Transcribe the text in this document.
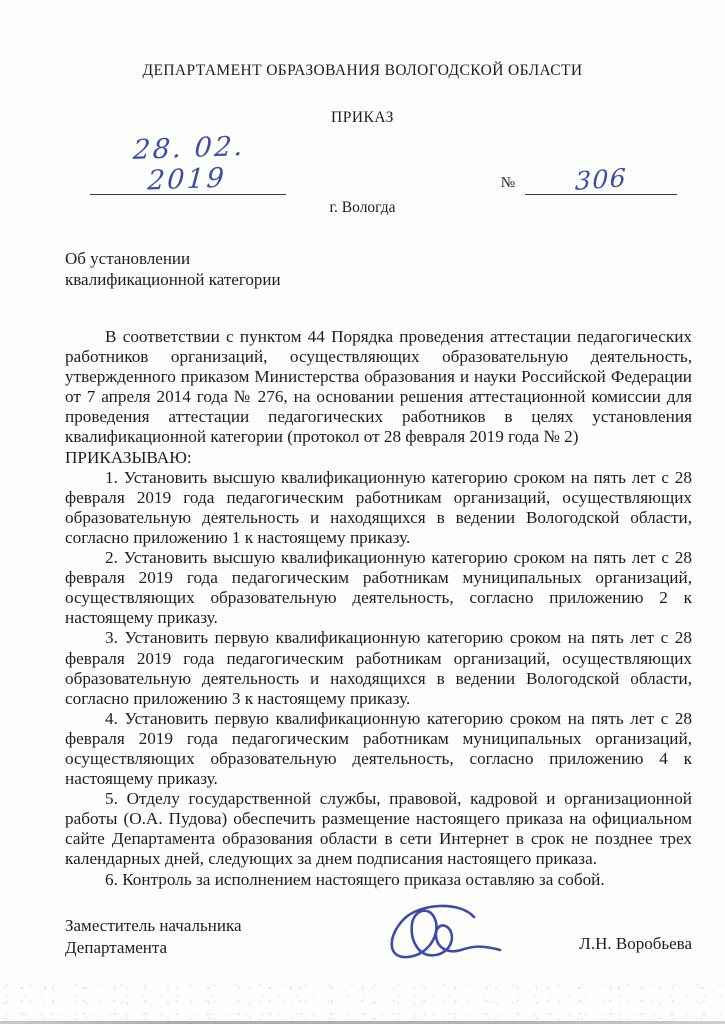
ДЕПАРТАМЕНТ ОБРАЗОВАНИЯ ВОЛОГОДСКОЙ ОБЛАСТИ
ПРИКАЗ
28. 02. 2019	№	306
г. Вологда
Об установлении
квалификационной категории

В соответствии с пунктом 44 Порядка проведения аттестации педагогических работников организаций, осуществляющих образовательную деятельность, утвержденного приказом Министерства образования и науки Российской Федерации от 7 апреля 2014 года № 276, на основании решения аттестационной комиссии для проведения аттестации педагогических работников в целях установления квалификационной категории (протокол от 28 февраля 2019 года № 2)

ПРИКАЗЫВАЮ:

1. Установить высшую квалификационную категорию сроком на пять лет с 28 февраля 2019 года педагогическим работникам организаций, осуществляющих образовательную деятельность и находящихся в ведении Вологодской области, согласно приложению 1 к настоящему приказу.

2. Установить высшую квалификационную категорию сроком на пять лет с 28 февраля 2019 года педагогическим работникам муниципальных организаций, осуществляющих образовательную деятельность, согласно приложению 2 к настоящему приказу.

3. Установить первую квалификационную категорию сроком на пять лет с 28 февраля 2019 года педагогическим работникам организаций, осуществляющих образовательную деятельность и находящихся в ведении Вологодской области, согласно приложению 3 к настоящему приказу.

4. Установить первую квалификационную категорию сроком на пять лет с 28 февраля 2019 года педагогическим работникам муниципальных организаций, осуществляющих образовательную деятельность, согласно приложению 4 к настоящему приказу.

5. Отделу государственной службы, правовой, кадровой и организационной работы (О.А. Пудова) обеспечить размещение настоящего приказа на официальном сайте Департамента образования области в сети Интернет в срок не позднее трех календарных дней, следующих за днем подписания настоящего приказа.

6. Контроль за исполнением настоящего приказа оставляю за собой.

Заместитель начальника
Департамента	Л.Н. Воробьева
